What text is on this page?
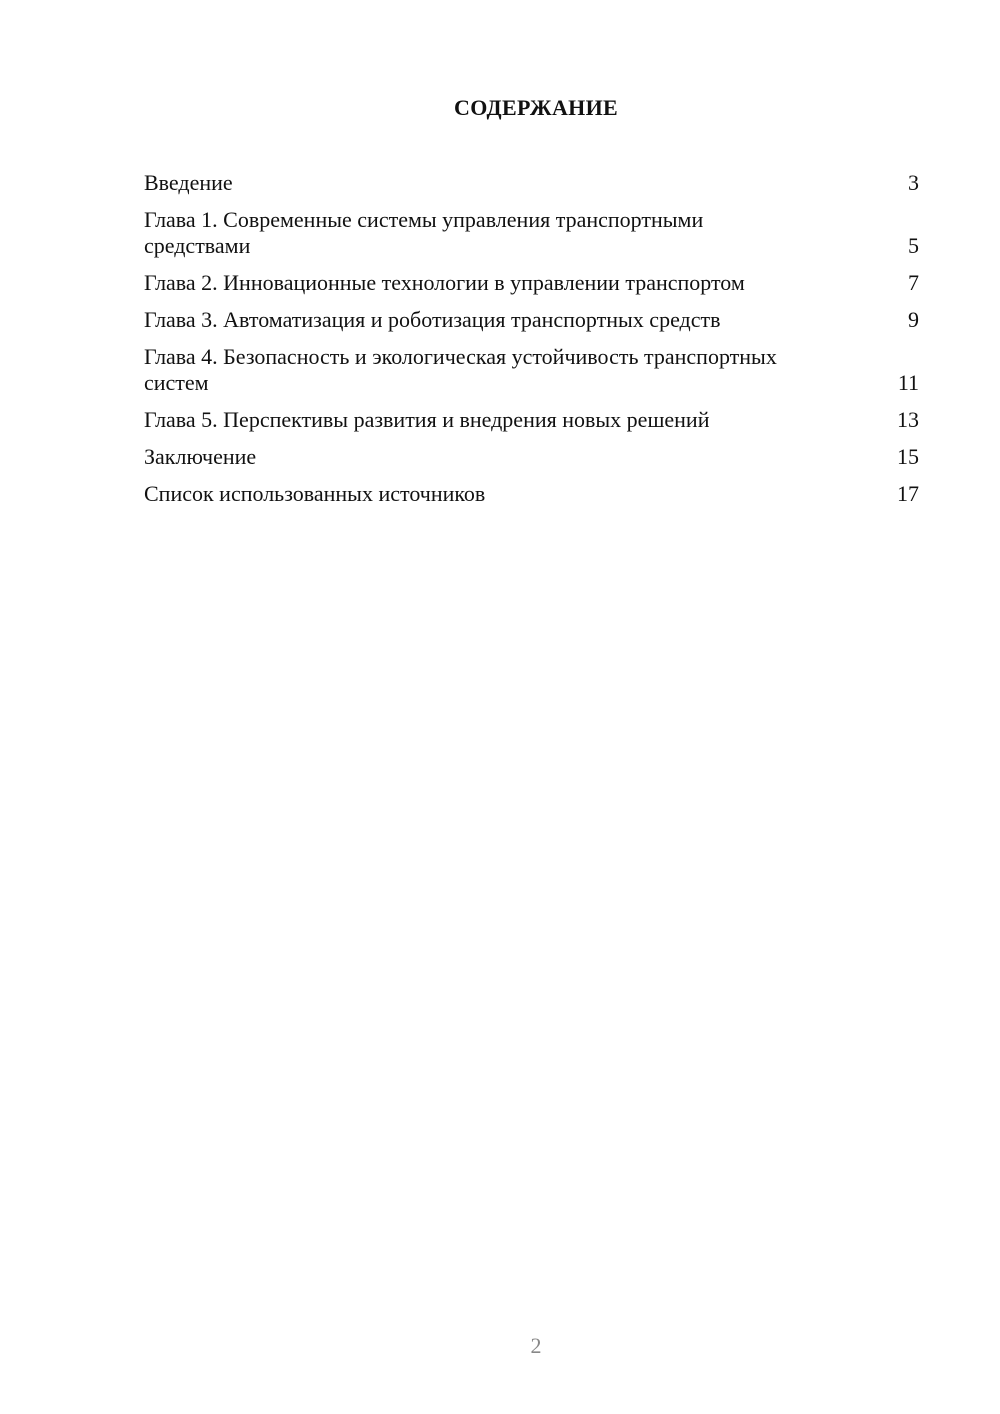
СОДЕРЖАНИЕ
Введение	3
Глава 1. Современные системы управления транспортными средствами	5
Глава 2. Инновационные технологии в управлении транспортом	7
Глава 3. Автоматизация и роботизация транспортных средств	9
Глава 4. Безопасность и экологическая устойчивость транспортных систем	11
Глава 5. Перспективы развития и внедрения новых решений	13
Заключение	15
Список использованных источников	17
2
